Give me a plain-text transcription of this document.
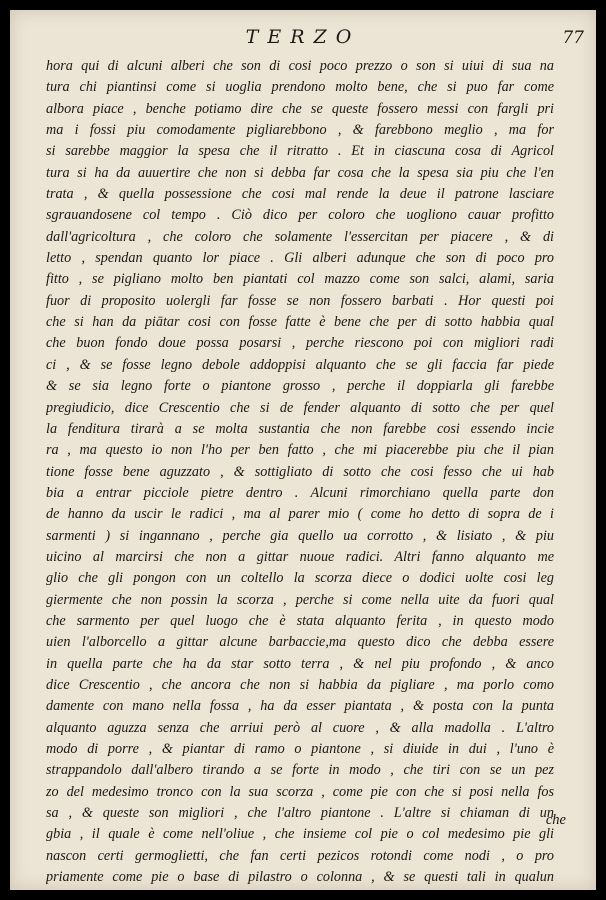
TERZO	77
hora qui di alcuni alberi che son di cosi poco prezzo o son si uiui di sua na
tura chi piantinsi come si uoglia prendono molto bene, che si puo far come
albora piace , benche potiamo dire che se queste fossero messi con fargli pri
ma i fossi piu comodamente pigliarebbono , & farebbono meglio , ma for
si sarebbe maggior la spesa che il ritratto . Et in ciascuna cosa di Agricol
tura si ha da auuertire che non si debba far cosa che la spesa sia piu che l'en
trata , & quella possessione che cosi mal rende la deue il patrone lasciare
sgrauandosene col tempo . Ciò dico per coloro che uogliono cauar profitto
dall'agricoltura , che coloro che solamente l'essercitan per piacere , & di
letto , spendan quanto lor piace . Gli alberi adunque che son di poco pro
fitto , se pigliano molto ben piantati col mazzo come son salci, alami, saria
fuor di proposito uolergli far fosse se non fossero barbati . Hor questi poi
che si han da piātar cosi con fosse fatte è bene che per di sotto habbia qual
che buon fondo doue possa posarsi , perche riescono poi con migliori radi
ci , & se fosse legno debole addoppisi alquanto che se gli faccia far piede
& se sia legno forte o piantone grosso , perche il doppiarla gli farebbe
pregiudicio, dice Crescentio che si de fender alquanto di sotto che per quel
la fenditura tirarà a se molta sustantia che non farebbe cosi essendo incie
ra , ma questo io non l'ho per ben fatto , che mi piacerebbe piu che il pian
tione fosse bene aguzzato , & sottigliato di sotto che cosi fesso che ui hab
bia a entrar picciole pietre dentro . Alcuni rimorchiano quella parte don
de hanno da uscir le radici , ma al parer mio ( come ho detto di sopra de i
sarmenti ) si ingannano , perche gia quello ua corrotto , & lisiato , & piu
uicino al marcirsi che non a gittar nuoue radici. Altri fanno alquanto me
glio che gli pongon con un coltello la scorza diece o dodici uolte cosi leg
giermente che non possin la scorza , perche si come nella uite da fuori qual
che sarmento per quel luogo che è stata alquanto ferita , in questo modo
uien l'alborcello a gittar alcune barbaccie,ma questo dico che debba essere
in quella parte che ha da star sotto terra , & nel piu profondo , & anco
dice Crescentio , che ancora che non si habbia da pigliare , ma porlo como
damente con mano nella fossa , ha da esser piantata , & posta con la punta
alquanto aguzza senza che arriui però al cuore , & alla madolla . L'altro
modo di porre , & piantar di ramo o piantone , si diuide in dui , l'uno è
strappandolo dall'albero tirando a se forte in modo , che tiri con se un pez
zo del medesimo tronco con la sua scorza , come pie con che si posi nella fos
sa , & queste son migliori , che l'altro piantone . L'altre si chiaman di un
gbia , il quale è come nell'oliue , che insieme col pie o col medesimo pie gli
nascon certi germoglietti, che fan certi pezicos rotondi come nodi , o pro
priamente come pie o base di pilastro o colonna , & se questi tali in qualun
che
